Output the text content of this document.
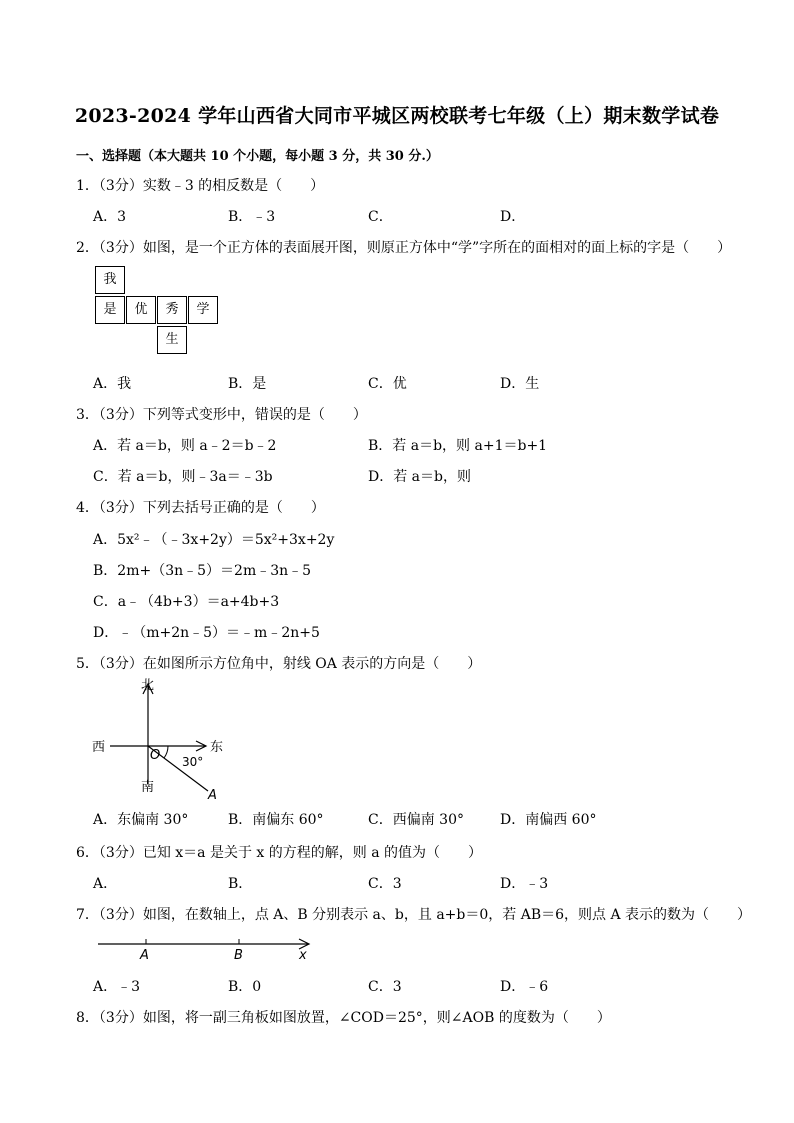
2023-2024 学年山西省大同市平城区两校联考七年级（上）期末数学试卷
一、选择题（本大题共 10 个小题，每小题 3 分，共 30 分.）
1．（3分）实数﹣3 的相反数是（　　）
A．3	B．﹣3	C．	D．
2．（3分）如图，是一个正方体的表面展开图，则原正方体中“学”字所在的面相对的面上标的字是（　　）
我
是	优	秀	学
生
A．我	B．是	C．优	D．生
3．（3分）下列等式变形中，错误的是（　　）
A．若 a＝b，则 a﹣2＝b﹣2	B．若 a＝b，则 a+1＝b+1
C．若 a＝b，则﹣3a＝﹣3b	D．若 a＝b，则
4．（3分）下列去括号正确的是（　　）
A．5x²﹣（﹣3x+2y）＝5x²+3x+2y
B．2m+（3n﹣5）＝2m﹣3n﹣5
C．a﹣（4b+3）＝a+4b+3
D．﹣（m+2n﹣5）＝﹣m﹣2n+5
5．（3分）在如图所示方位角中，射线 OA 表示的方向是（　　）
北
南
西	东
O 30°
A
A．东偏南 30°	B．南偏东 60°	C．西偏南 30°	D．南偏西 60°
6．（3分）已知 x＝a 是关于 x 的方程的解，则 a 的值为（　　）
A．	B．	C．3	D．﹣3
7．（3分）如图，在数轴上，点 A、B 分别表示 a、b，且 a+b＝0，若 AB＝6，则点 A 表示的数为（　　）
A	B	x
A．﹣3	B．0	C．3	D．﹣6
8．（3分）如图，将一副三角板如图放置，∠COD＝25°，则∠AOB 的度数为（　　）
